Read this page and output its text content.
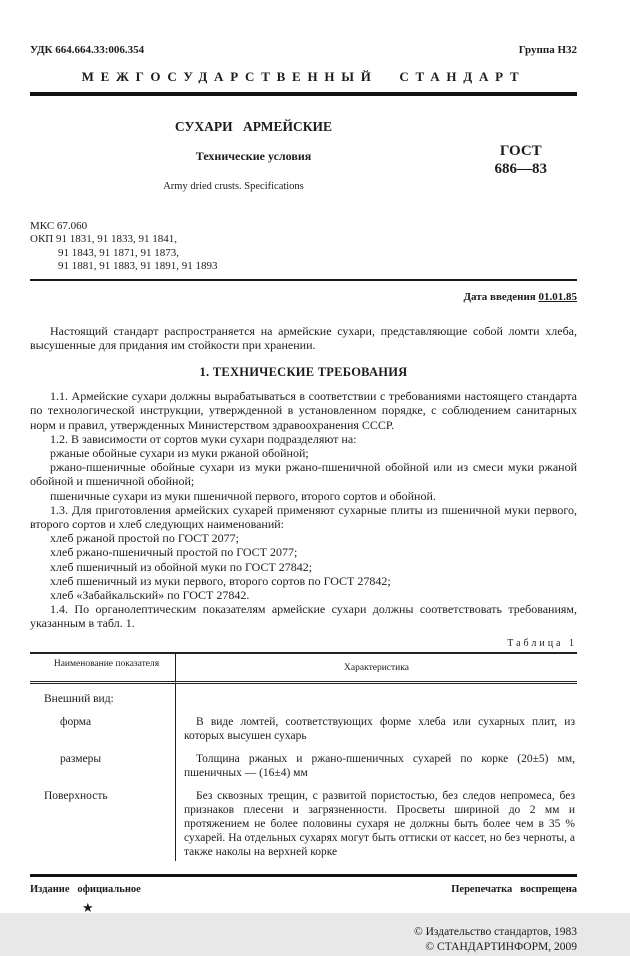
УДК 664.664.33:006.354	Группа Н32
МЕЖГОСУДАРСТВЕННЫЙ СТАНДАРТ
СУХАРИ АРМЕЙСКИЕ
Технические условия
Army dried crusts. Specifications
ГОСТ
686—83
МКС 67.060
ОКП 91 1831, 91 1833, 91 1841,
91 1843, 91 1871, 91 1873,
91 1881, 91 1883, 91 1891, 91 1893
Дата введения 01.01.85

Настоящий стандарт распространяется на армейские сухари, представляющие собой ломти хлеба, высушенные для придания им стойкости при хранении.

1. ТЕХНИЧЕСКИЕ ТРЕБОВАНИЯ

1.1. Армейские сухари должны вырабатываться в соответствии с требованиями настоящего стандарта по технологической инструкции, утвержденной в установленном порядке, с соблюдением санитарных норм и правил, утвержденных Министерством здравоохранения СССР.

1.2. В зависимости от сортов муки сухари подразделяют на:

ржаные обойные сухари из муки ржаной обойной;

ржано-пшеничные обойные сухари из муки ржано-пшеничной обойной или из смеси муки ржаной обойной и пшеничной обойной;

пшеничные сухари из муки пшеничной первого, второго сортов и обойной.

1.3. Для приготовления армейских сухарей применяют сухарные плиты из пшеничной муки первого, второго сортов и хлеб следующих наименований:

хлеб ржаной простой по ГОСТ 2077;

хлеб ржано-пшеничный простой по ГОСТ 2077;

хлеб пшеничный из обойной муки по ГОСТ 27842;

хлеб пшеничный из муки первого, второго сортов по ГОСТ 27842;

хлеб «Забайкальский» по ГОСТ 27842.

1.4. По органолептическим показателям армейские сухари должны соответствовать требованиям, указанным в табл. 1.

Таблица 1
Наименование показателя	Характеристика
Внешний вид:

форма	В виде ломтей, соответствующих форме хлеба или сухарных плит, из которых высушен сухарь

размеры	Толщина ржаных и ржано-пшеничных сухарей по корке (20±5) мм, пшеничных — (16±4) мм

Поверхность	Без сквозных трещин, с развитой пористостью, без следов непромеса, без признаков плесени и загрязненности. Просветы шириной до 2 мм и протяжением не более половины сухаря не должны быть более чем в 35 % сухарей. На отдельных сухарях могут быть оттиски от кассет, но без черноты, а также наколы на верхней корке

Издание официальное	Перепечатка воспрещена
★
© Издательство стандартов, 1983
© СТАНДАРТИНФОРМ, 2009
